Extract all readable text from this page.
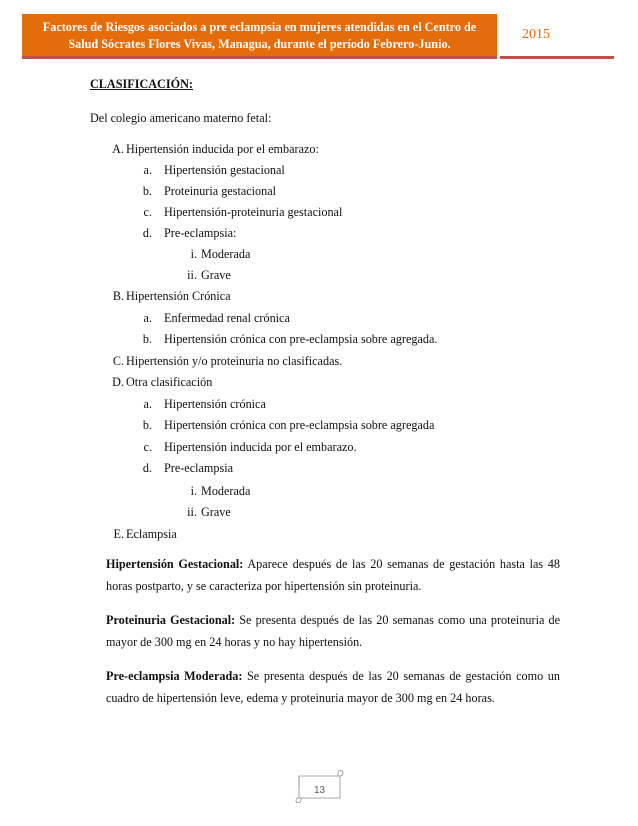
Factores de Riesgos asociados a pre eclampsia en mujeres atendidas en el Centro de
Salud Sócrates Flores Vivas, Managua, durante el período Febrero-Junio.
2015
CLASIFICACIÓN:
Del colegio americano materno fetal:
A. Hipertensión inducida por el embarazo:
a. Hipertensión gestacional
b. Proteinuria gestacional
c. Hipertensión-proteinuria gestacional
d. Pre-eclampsia:
i. Moderada
ii. Grave
B. Hipertensión Crónica
a. Enfermedad renal crónica
b. Hipertensión crónica con pre-eclampsia sobre agregada.
C. Hipertensión y/o proteinuria no clasificadas.
D. Otra clasificación
a. Hipertensión crónica
b. Hipertensión crónica con pre-eclampsia sobre agregada
c. Hipertensión inducida por el embarazo.
d. Pre-eclampsia
i. Moderada
ii. Grave
E. Eclampsia
Hipertensión Gestacional: Aparece después de las 20 semanas de gestación hasta las 48 horas postparto, y se caracteriza por hipertensión sin proteinuria.
Proteinuria Gestacional: Se presenta después de las 20 semanas como una proteinuria de mayor de 300 mg en 24 horas y no hay hipertensión.
Pre-eclampsia Moderada: Se presenta después de las 20 semanas de gestación como un cuadro de hipertensión leve, edema y proteinuria mayor de 300 mg en 24 horas.
13
